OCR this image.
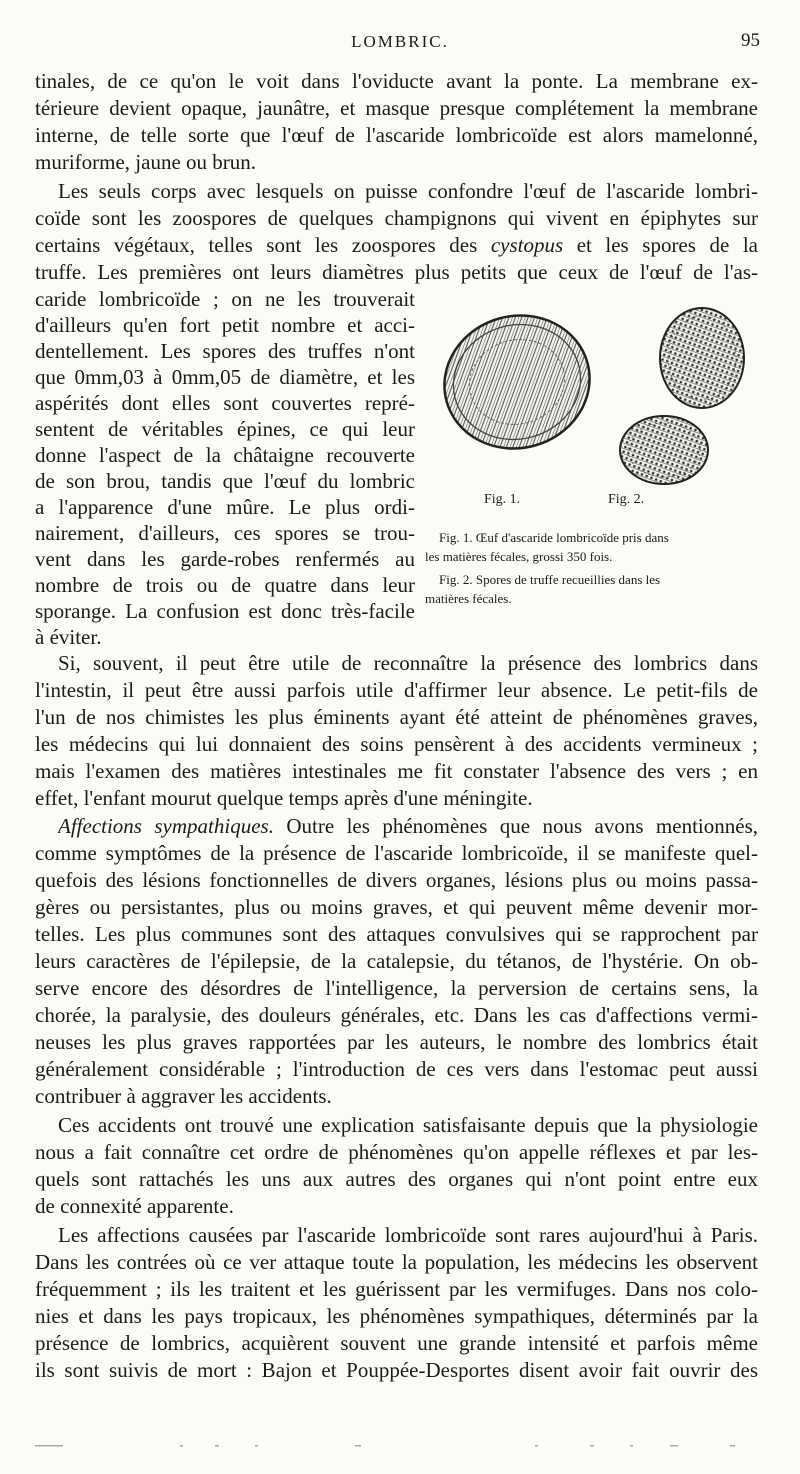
LOMBRIC.	95
tinales, de ce qu'on le voit dans l'oviducte avant la ponte. La membrane ex-
térieure devient opaque, jaunâtre, et masque presque complétement la membrane
interne, de telle sorte que l'œuf de l'ascaride lombricoïde est alors mamelonné,
muriforme, jaune ou brun.
Les seuls corps avec lesquels on puisse confondre l'œuf de l'ascaride lombri-
coïde sont les zoospores de quelques champignons qui vivent en épiphytes sur
certains végétaux, telles sont les zoospores des cystopus et les spores de la
truffe. Les premières ont leurs diamètres plus petits que ceux de l'œuf de l'as-
caride lombricoïde ; on ne les trouverait
d'ailleurs qu'en fort petit nombre et acci-
dentellement. Les spores des truffes n'ont
que 0mm,03 à 0mm,05 de diamètre, et les
aspérités dont elles sont couvertes repré-
sentent de véritables épines, ce qui leur
donne l'aspect de la châtaigne recouverte
de son brou, tandis que l'œuf du lombric
a l'apparence d'une mûre. Le plus ordi-
nairement, d'ailleurs, ces spores se trou-
vent dans les garde-robes renfermés au
nombre de trois ou de quatre dans leur
sporange. La confusion est donc très-facile
à éviter.
Fig. 1.	Fig. 2.
Fig. 1. Œuf d'ascaride lombricoïde pris dans
les matières fécales, grossi 350 fois.
Fig. 2. Spores de truffe recueillies dans les
matières fécales.
Si, souvent, il peut être utile de reconnaître la présence des lombrics dans
l'intestin, il peut être aussi parfois utile d'affirmer leur absence. Le petit-fils de
l'un de nos chimistes les plus éminents ayant été atteint de phénomènes graves,
les médecins qui lui donnaient des soins pensèrent à des accidents vermineux ;
mais l'examen des matières intestinales me fit constater l'absence des vers ; en
effet, l'enfant mourut quelque temps après d'une méningite.
Affections sympathiques. Outre les phénomènes que nous avons mentionnés,
comme symptômes de la présence de l'ascaride lombricoïde, il se manifeste quel-
quefois des lésions fonctionnelles de divers organes, lésions plus ou moins passa-
gères ou persistantes, plus ou moins graves, et qui peuvent même devenir mor-
telles. Les plus communes sont des attaques convulsives qui se rapprochent par
leurs caractères de l'épilepsie, de la catalepsie, du tétanos, de l'hystérie. On ob-
serve encore des désordres de l'intelligence, la perversion de certains sens, la
chorée, la paralysie, des douleurs générales, etc. Dans les cas d'affections vermi-
neuses les plus graves rapportées par les auteurs, le nombre des lombrics était
généralement considérable ; l'introduction de ces vers dans l'estomac peut aussi
contribuer à aggraver les accidents.
Ces accidents ont trouvé une explication satisfaisante depuis que la physiologie
nous a fait connaître cet ordre de phénomènes qu'on appelle réflexes et par les-
quels sont rattachés les uns aux autres des organes qui n'ont point entre eux
de connexité apparente.
Les affections causées par l'ascaride lombricoïde sont rares aujourd'hui à Paris.
Dans les contrées où ce ver attaque toute la population, les médecins les observent
fréquemment ; ils les traitent et les guérissent par les vermifuges. Dans nos colo-
nies et dans les pays tropicaux, les phénomènes sympathiques, déterminés par la
présence de lombrics, acquièrent souvent une grande intensité et parfois même
ils sont suivis de mort : Bajon et Pouppée-Desportes disent avoir fait ouvrir des
